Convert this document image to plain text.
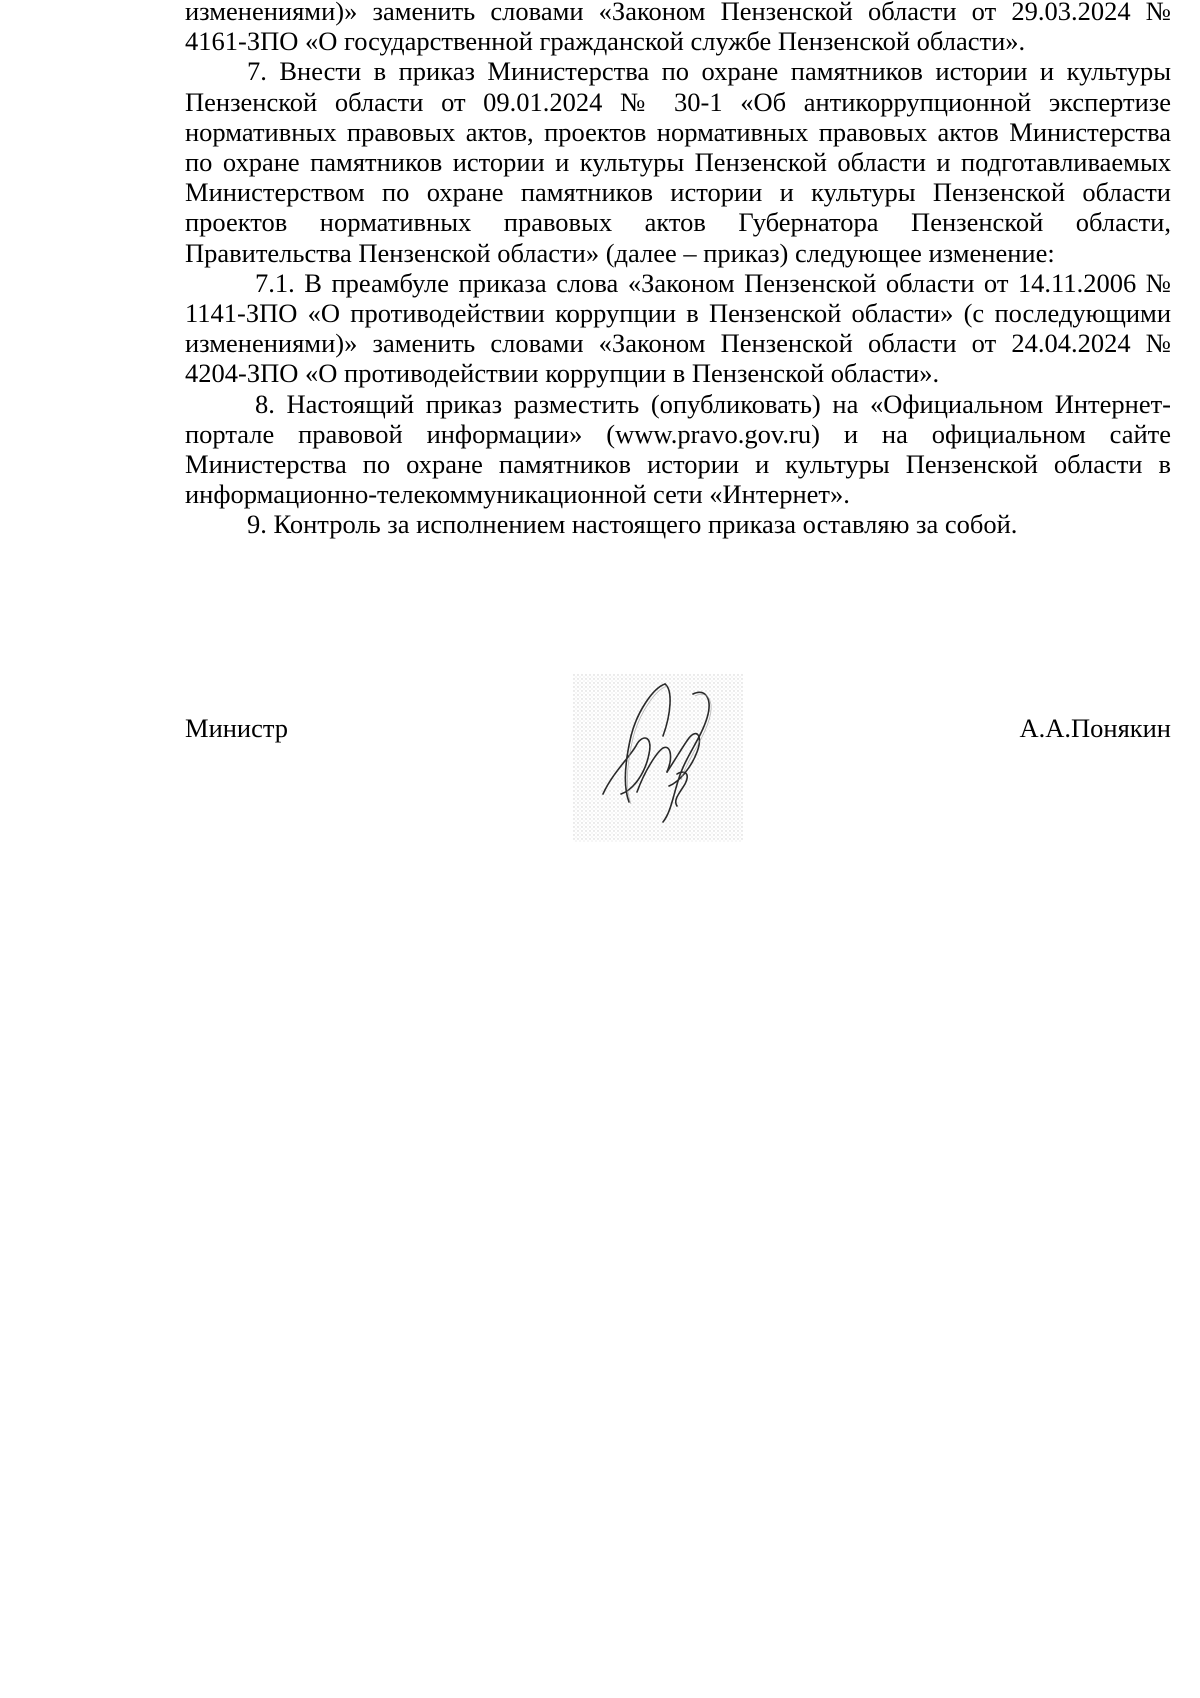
изменениями)» заменить словами «Законом Пензенской области от 29.03.2024 № 4161-ЗПО «О государственной гражданской службе Пензенской области».

7. Внести в приказ Министерства по охране памятников истории и культуры Пензенской области от 09.01.2024 № 30-1 «Об антикоррупционной экспертизе нормативных правовых актов, проектов нормативных правовых актов Министерства по охране памятников истории и культуры Пензенской области и подготавливаемых Министерством по охране памятников истории и культуры Пензенской области проектов нормативных правовых актов Губернатора Пензенской области, Правительства Пензенской области» (далее – приказ) следующее изменение:

7.1. В преамбуле приказа слова «Законом Пензенской области от 14.11.2006 № 1141-ЗПО «О противодействии коррупции в Пензенской области» (с последующими изменениями)» заменить словами «Законом Пензенской области от 24.04.2024 № 4204-ЗПО «О противодействии коррупции в Пензенской области».

8. Настоящий приказ разместить (опубликовать) на «Официальном Интернет-портале правовой информации» (www.pravo.gov.ru) и на официальном сайте Министерства по охране памятников истории и культуры Пензенской области в информационно-телекоммуникационной сети «Интернет».

9. Контроль за исполнением настоящего приказа оставляю за собой.

Министр	А.А.Понякин
